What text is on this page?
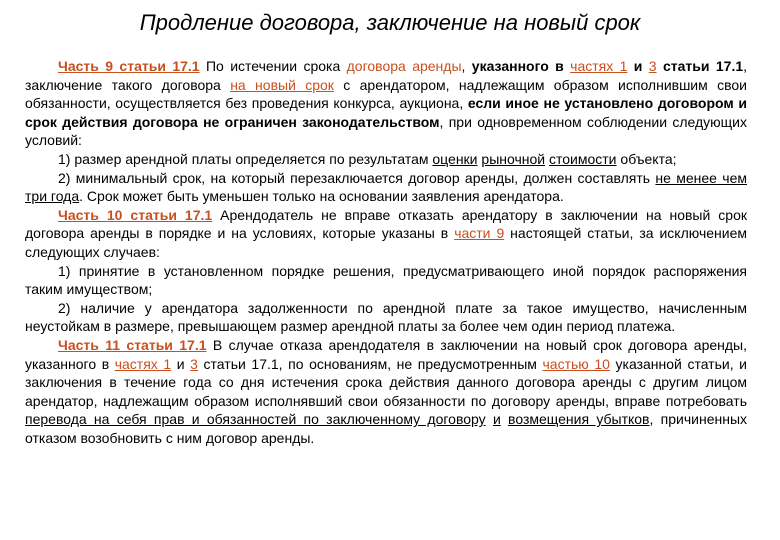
Продление договора, заключение на новый срок

Часть 9 статьи 17.1 По истечении срока договора аренды, указанного в частях 1 и 3 статьи 17.1, заключение такого договора на новый срок с арендатором, надлежащим образом исполнившим свои обязанности, осуществляется без проведения конкурса, аукциона, если иное не установлено договором и срок действия договора не ограничен законодательством, при одновременном соблюдении следующих условий:

1) размер арендной платы определяется по результатам оценки рыночной стоимости объекта;

2) минимальный срок, на который перезаключается договор аренды, должен составлять не менее чем три года. Срок может быть уменьшен только на основании заявления арендатора.

Часть 10 статьи 17.1 Арендодатель не вправе отказать арендатору в заключении на новый срок договора аренды в порядке и на условиях, которые указаны в части 9 настоящей статьи, за исключением следующих случаев:

1) принятие в установленном порядке решения, предусматривающего иной порядок распоряжения таким имуществом;

2) наличие у арендатора задолженности по арендной плате за такое имущество, начисленным неустойкам в размере, превышающем размер арендной платы за более чем один период платежа.

Часть 11 статьи 17.1 В случае отказа арендодателя в заключении на новый срок договора аренды, указанного в частях 1 и 3 статьи 17.1, по основаниям, не предусмотренным частью 10 указанной статьи, и заключения в течение года со дня истечения срока действия данного договора аренды с другим лицом арендатор, надлежащим образом исполнявший свои обязанности по договору аренды, вправе потребовать перевода на себя прав и обязанностей по заключенному договору и возмещения убытков, причиненных отказом возобновить с ним договор аренды.
